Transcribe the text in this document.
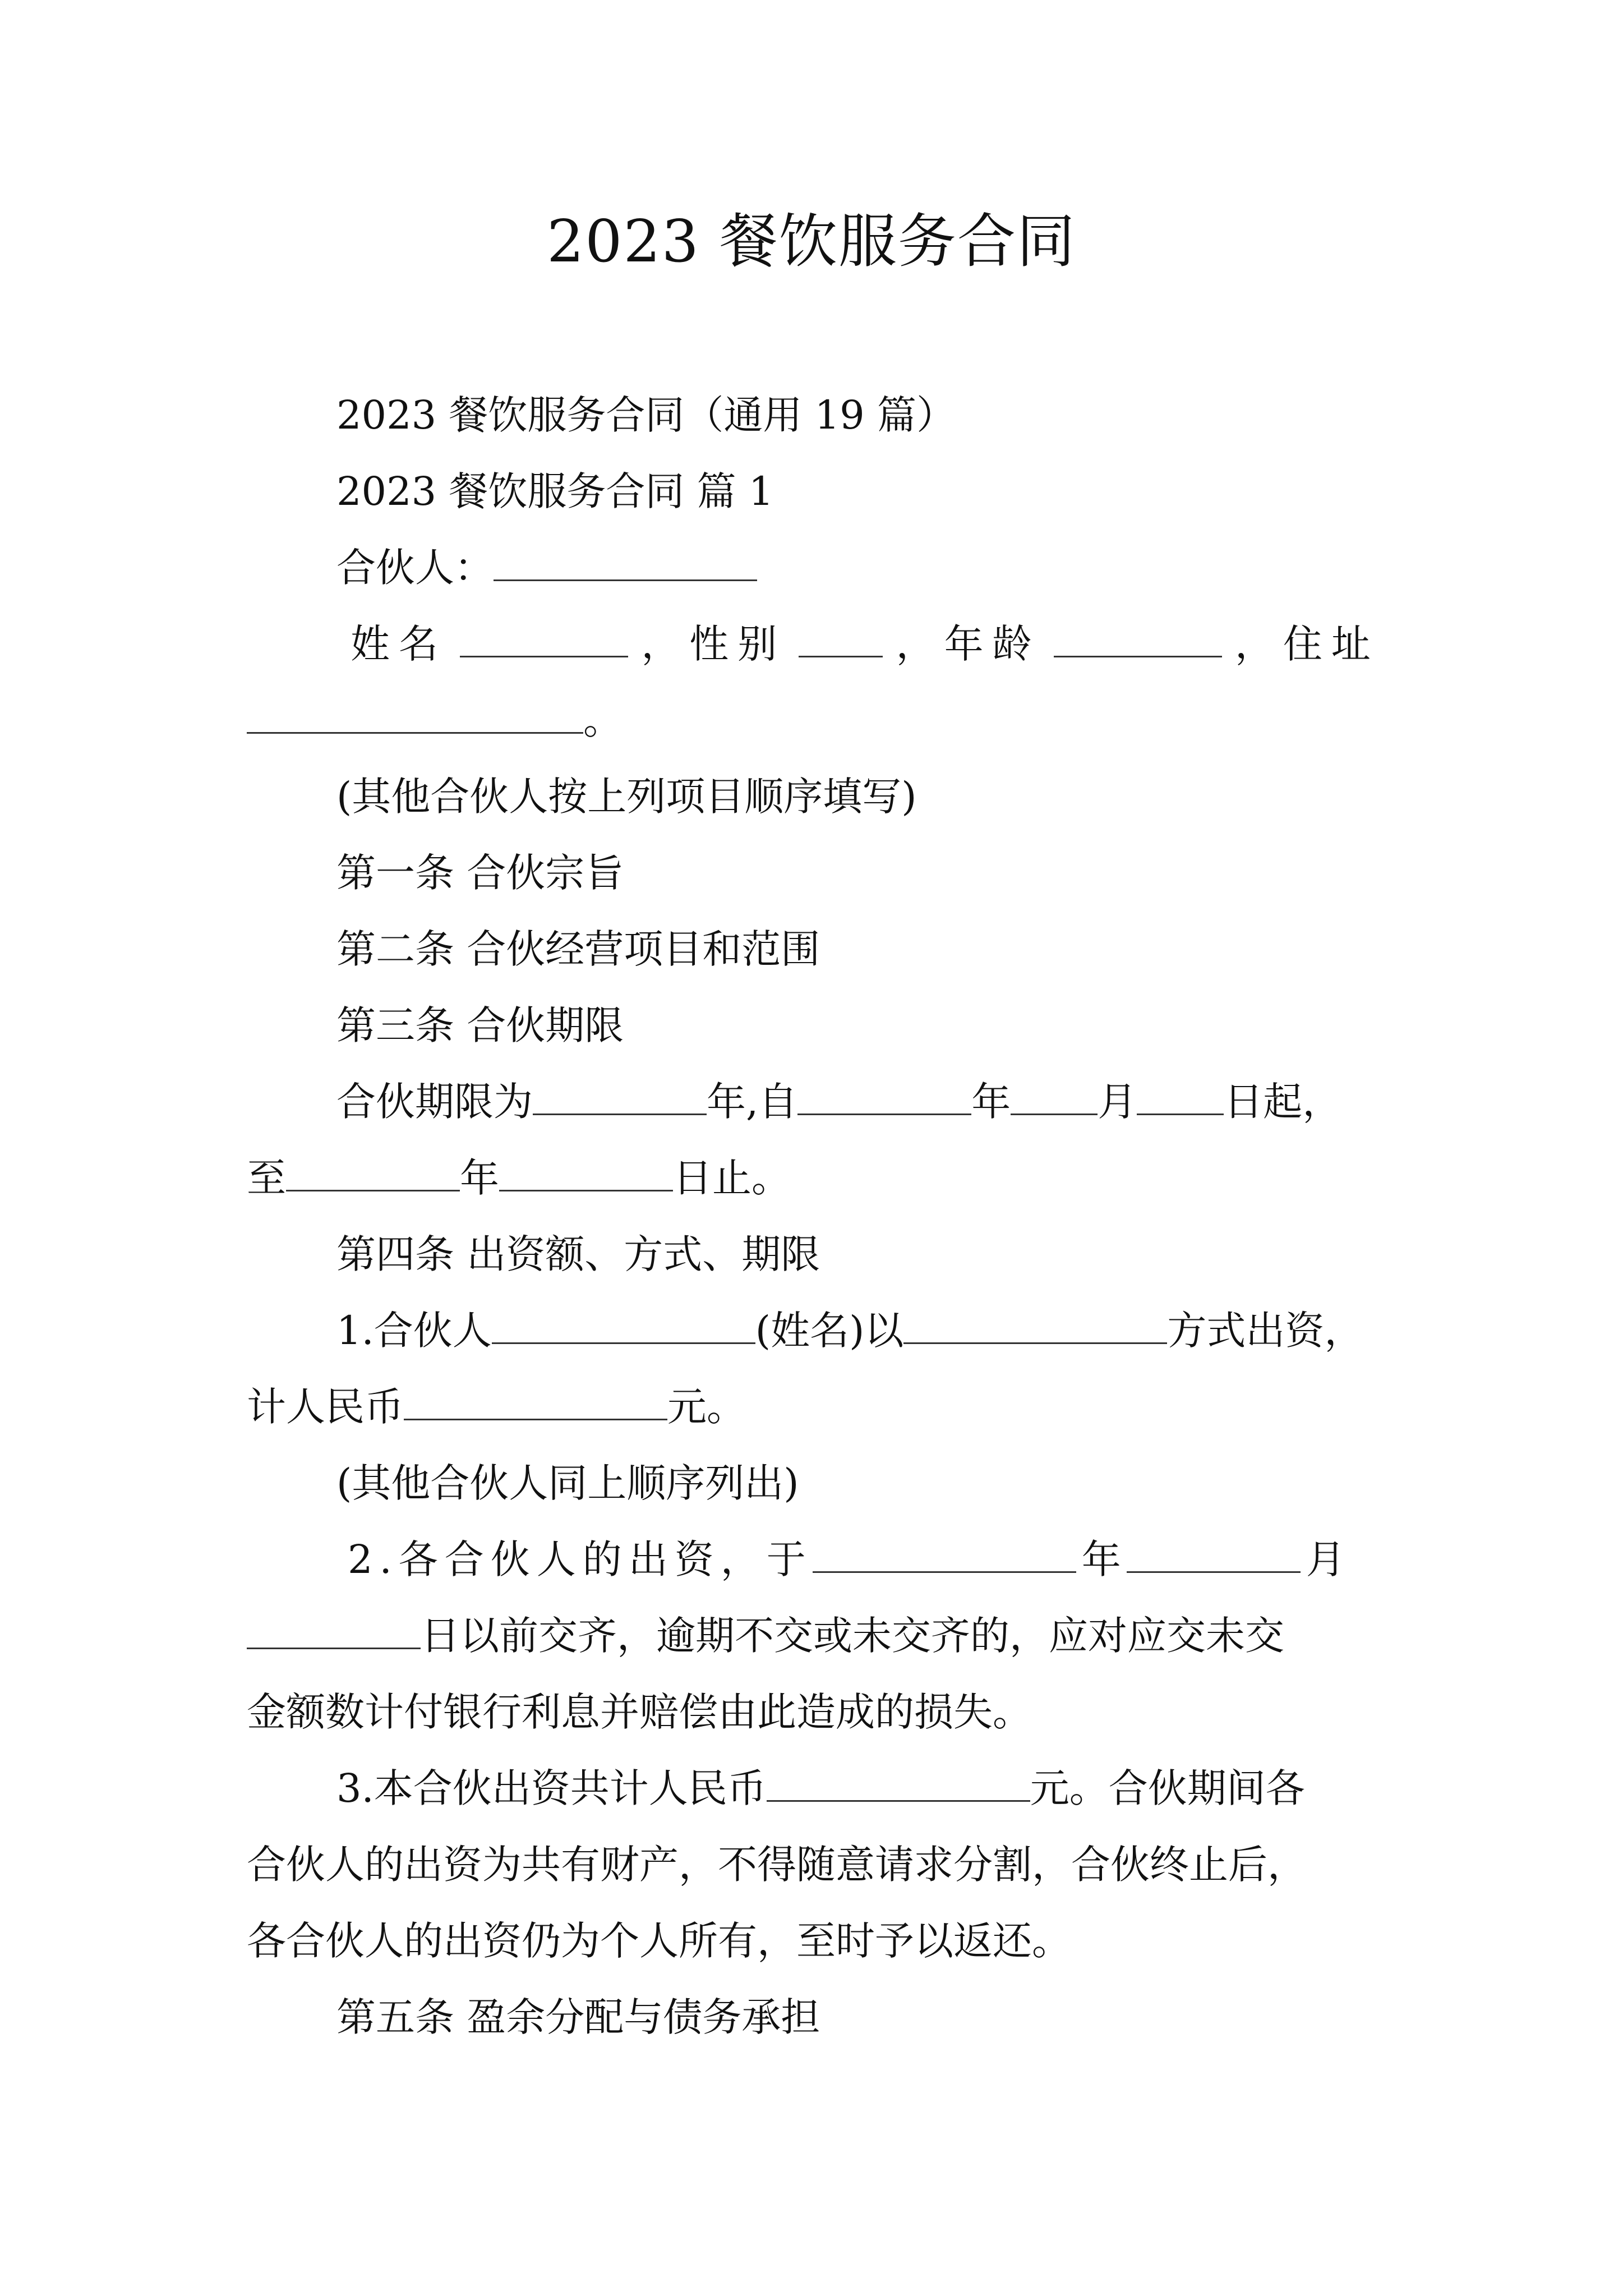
2023 餐饮服务合同
2023 餐饮服务合同（通用 19 篇）
2023 餐饮服务合同 篇 1
合伙人：
姓名	，性别	，年龄	，住址
。
(其他合伙人按上列项目顺序填写)
第一条 合伙宗旨
第二条 合伙经营项目和范围
第三条 合伙期限
合伙期限为	年,自	年 月 日起，
至	年	日止。
第四条 出资额、方式、期限
1.合伙人	(姓名)以	方式出资，
计人民币	元。
(其他合伙人同上顺序列出)
2.各合伙人的出资，于	年	月
日以前交齐，逾期不交或未交齐的，应对应交未交
金额数计付银行利息并赔偿由此造成的损失。
3.本合伙出资共计人民币	元。合伙期间各
合伙人的出资为共有财产，不得随意请求分割，合伙终止后，
各合伙人的出资仍为个人所有，至时予以返还。
第五条 盈余分配与债务承担
